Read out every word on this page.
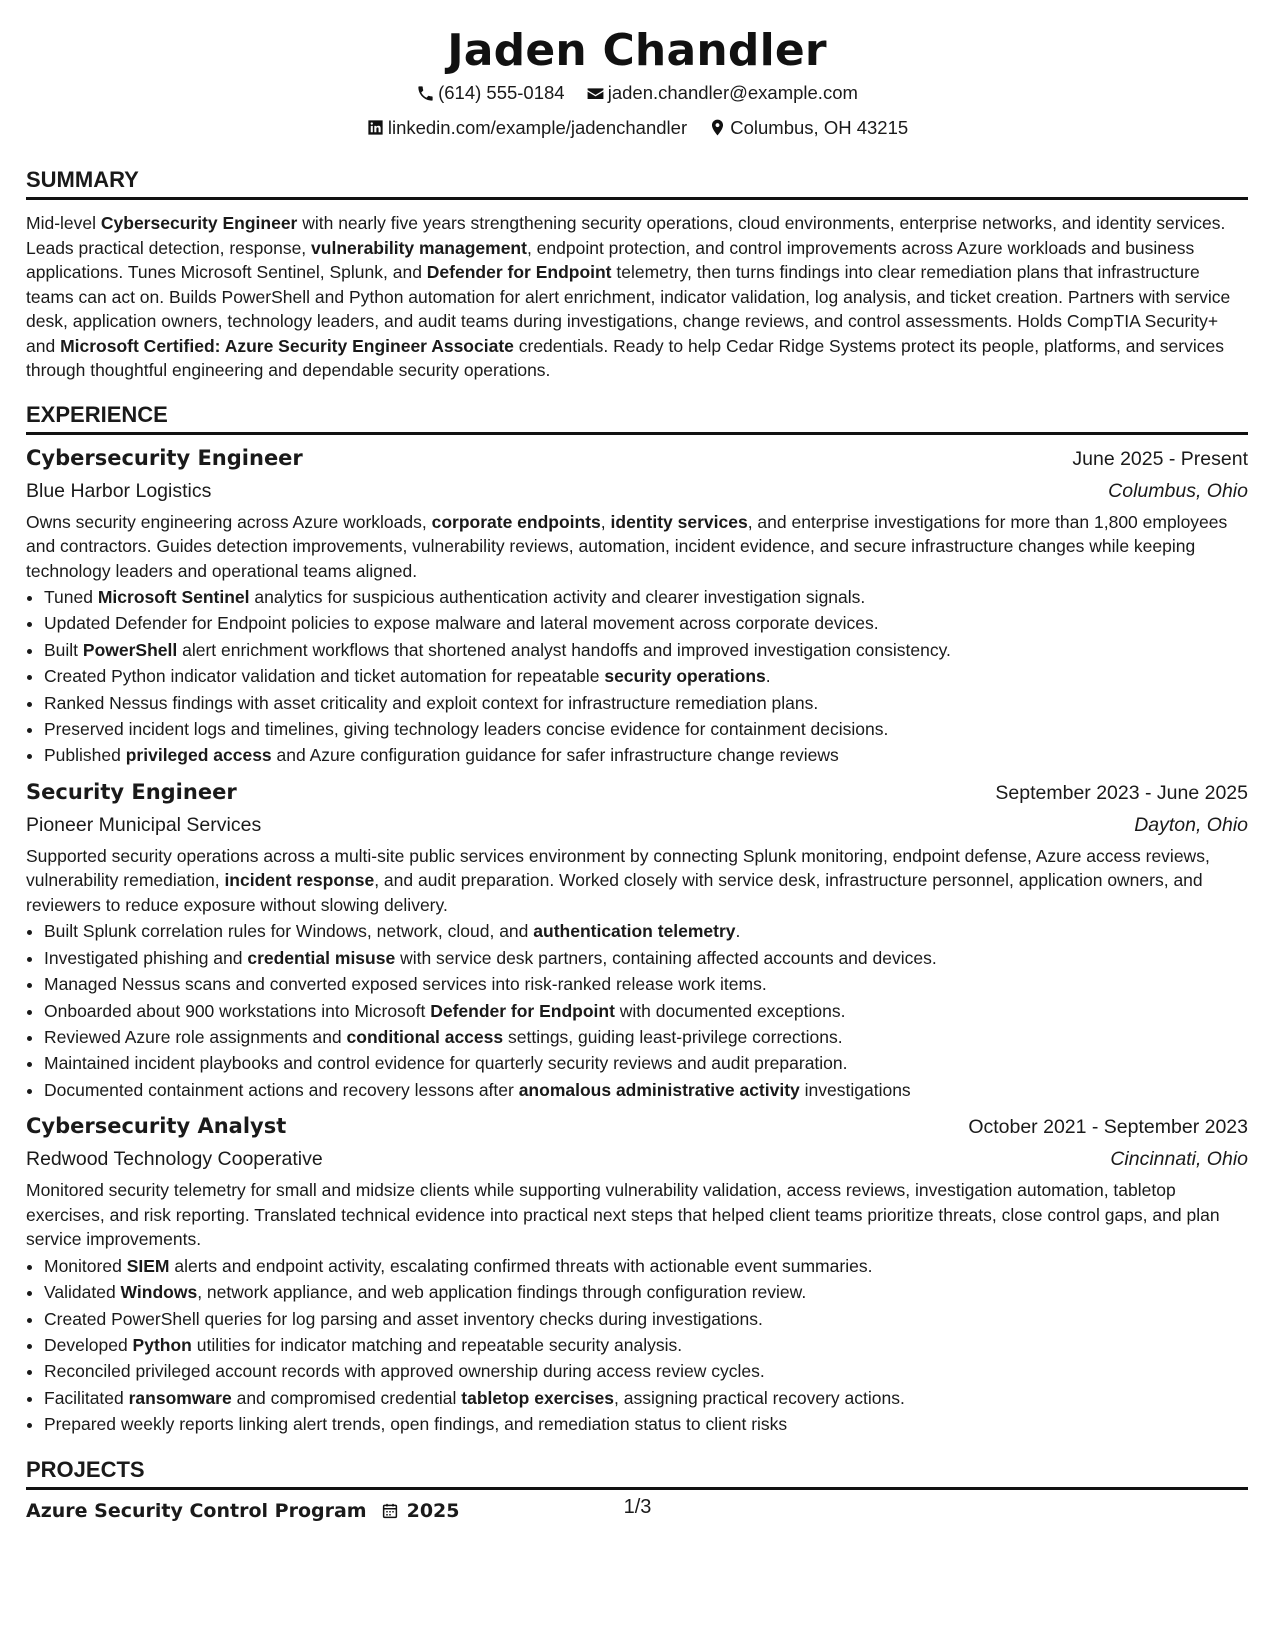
Jaden Chandler
(614) 555-0184
jaden.chandler@example.com
linkedin.com/example/jadenchandler
Columbus, OH 43215
SUMMARY

Mid-level Cybersecurity Engineer with nearly five years strengthening security operations, cloud environments, enterprise networks, and identity services. Leads practical detection, response, vulnerability management, endpoint protection, and control improvements across Azure workloads and business applications. Tunes Microsoft Sentinel, Splunk, and Defender for Endpoint telemetry, then turns findings into clear remediation plans that infrastructure teams can act on. Builds PowerShell and Python automation for alert enrichment, indicator validation, log analysis, and ticket creation. Partners with service desk, application owners, technology leaders, and audit teams during investigations, change reviews, and control assessments. Holds CompTIA Security+ and Microsoft Certified: Azure Security Engineer Associate credentials. Ready to help Cedar Ridge Systems protect its people, platforms, and services through thoughtful engineering and dependable security operations.

EXPERIENCE
Cybersecurity Engineer	June 2025 - Present
Blue Harbor Logistics	Columbus, Ohio

Owns security engineering across Azure workloads, corporate endpoints, identity services, and enterprise investigations for more than 1,800 employees and contractors. Guides detection improvements, vulnerability reviews, automation, incident evidence, and secure infrastructure changes while keeping technology leaders and operational teams aligned.

• Tuned Microsoft Sentinel analytics for suspicious authentication activity and clearer investigation signals.
• Updated Defender for Endpoint policies to expose malware and lateral movement across corporate devices.
• Built PowerShell alert enrichment workflows that shortened analyst handoffs and improved investigation consistency.
• Created Python indicator validation and ticket automation for repeatable security operations.
• Ranked Nessus findings with asset criticality and exploit context for infrastructure remediation plans.
• Preserved incident logs and timelines, giving technology leaders concise evidence for containment decisions.
• Published privileged access and Azure configuration guidance for safer infrastructure change reviews
Security Engineer	September 2023 - June 2025
Pioneer Municipal Services	Dayton, Ohio

Supported security operations across a multi-site public services environment by connecting Splunk monitoring, endpoint defense, Azure access reviews, vulnerability remediation, incident response, and audit preparation. Worked closely with service desk, infrastructure personnel, application owners, and reviewers to reduce exposure without slowing delivery.

• Built Splunk correlation rules for Windows, network, cloud, and authentication telemetry.
• Investigated phishing and credential misuse with service desk partners, containing affected accounts and devices.
• Managed Nessus scans and converted exposed services into risk-ranked release work items.
• Onboarded about 900 workstations into Microsoft Defender for Endpoint with documented exceptions.
• Reviewed Azure role assignments and conditional access settings, guiding least-privilege corrections.
• Maintained incident playbooks and control evidence for quarterly security reviews and audit preparation.
• Documented containment actions and recovery lessons after anomalous administrative activity investigations
Cybersecurity Analyst	October 2021 - September 2023
Redwood Technology Cooperative	Cincinnati, Ohio

Monitored security telemetry for small and midsize clients while supporting vulnerability validation, access reviews, investigation automation, tabletop exercises, and risk reporting. Translated technical evidence into practical next steps that helped client teams prioritize threats, close control gaps, and plan service improvements.

• Monitored SIEM alerts and endpoint activity, escalating confirmed threats with actionable event summaries.
• Validated Windows, network appliance, and web application findings through configuration review.
• Created PowerShell queries for log parsing and asset inventory checks during investigations.
• Developed Python utilities for indicator matching and repeatable security analysis.
• Reconciled privileged account records with approved ownership during access review cycles.
• Facilitated ransomware and compromised credential tabletop exercises, assigning practical recovery actions.
• Prepared weekly reports linking alert trends, open findings, and remediation status to client risks
PROJECTS
Azure Security Control Program 2025	1/3
